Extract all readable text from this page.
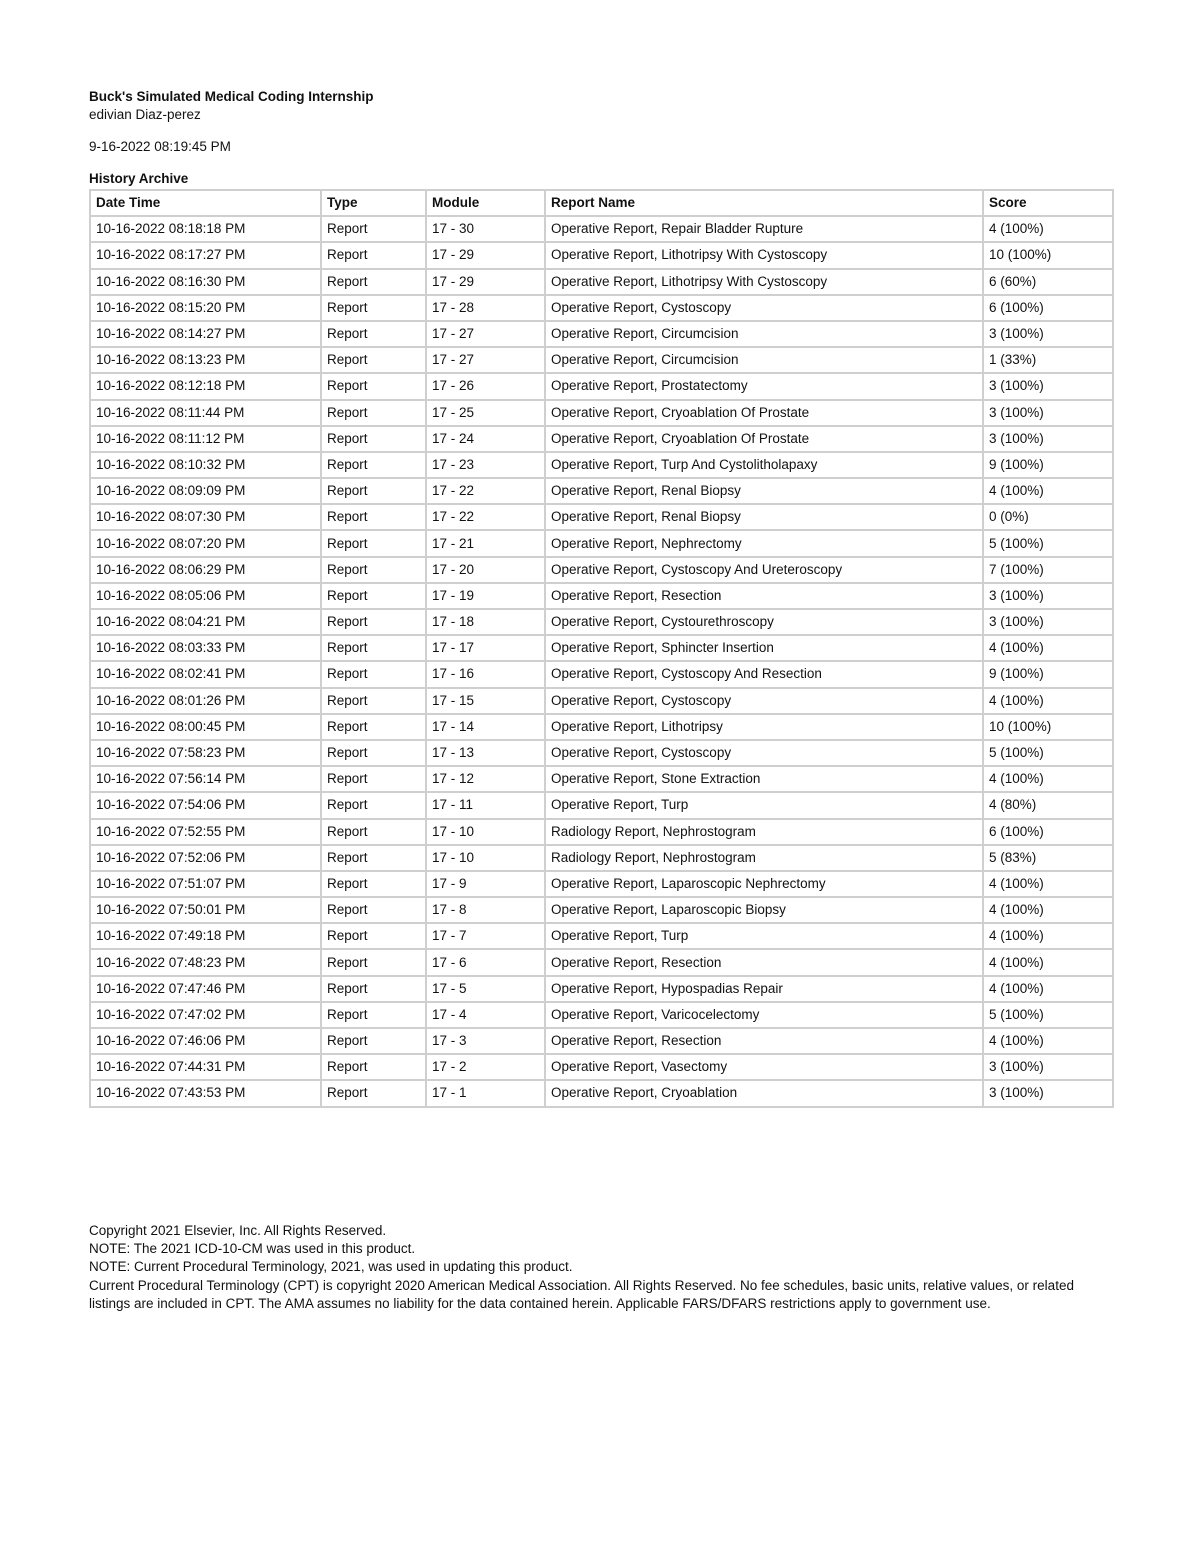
Buck's Simulated Medical Coding Internship

edivian Diaz-perez

9-16-2022 08:19:45 PM
History Archive
Date Time	Type	Module	Report Name	Score
10-16-2022 08:18:18 PM	Report	17 - 30	Operative Report, Repair Bladder Rupture	4 (100%)
10-16-2022 08:17:27 PM	Report	17 - 29	Operative Report, Lithotripsy With Cystoscopy	10 (100%)
10-16-2022 08:16:30 PM	Report	17 - 29	Operative Report, Lithotripsy With Cystoscopy	6 (60%)
10-16-2022 08:15:20 PM	Report	17 - 28	Operative Report, Cystoscopy	6 (100%)
10-16-2022 08:14:27 PM	Report	17 - 27	Operative Report, Circumcision	3 (100%)
10-16-2022 08:13:23 PM	Report	17 - 27	Operative Report, Circumcision	1 (33%)
10-16-2022 08:12:18 PM	Report	17 - 26	Operative Report, Prostatectomy	3 (100%)
10-16-2022 08:11:44 PM	Report	17 - 25	Operative Report, Cryoablation Of Prostate	3 (100%)
10-16-2022 08:11:12 PM	Report	17 - 24	Operative Report, Cryoablation Of Prostate	3 (100%)
10-16-2022 08:10:32 PM	Report	17 - 23	Operative Report, Turp And Cystolitholapaxy	9 (100%)
10-16-2022 08:09:09 PM	Report	17 - 22	Operative Report, Renal Biopsy	4 (100%)
10-16-2022 08:07:30 PM	Report	17 - 22	Operative Report, Renal Biopsy	0 (0%)
10-16-2022 08:07:20 PM	Report	17 - 21	Operative Report, Nephrectomy	5 (100%)
10-16-2022 08:06:29 PM	Report	17 - 20	Operative Report, Cystoscopy And Ureteroscopy	7 (100%)
10-16-2022 08:05:06 PM	Report	17 - 19	Operative Report, Resection	3 (100%)
10-16-2022 08:04:21 PM	Report	17 - 18	Operative Report, Cystourethroscopy	3 (100%)
10-16-2022 08:03:33 PM	Report	17 - 17	Operative Report, Sphincter Insertion	4 (100%)
10-16-2022 08:02:41 PM	Report	17 - 16	Operative Report, Cystoscopy And Resection	9 (100%)
10-16-2022 08:01:26 PM	Report	17 - 15	Operative Report, Cystoscopy	4 (100%)
10-16-2022 08:00:45 PM	Report	17 - 14	Operative Report, Lithotripsy	10 (100%)
10-16-2022 07:58:23 PM	Report	17 - 13	Operative Report, Cystoscopy	5 (100%)
10-16-2022 07:56:14 PM	Report	17 - 12	Operative Report, Stone Extraction	4 (100%)
10-16-2022 07:54:06 PM	Report	17 - 11	Operative Report, Turp	4 (80%)
10-16-2022 07:52:55 PM	Report	17 - 10	Radiology Report, Nephrostogram	6 (100%)
10-16-2022 07:52:06 PM	Report	17 - 10	Radiology Report, Nephrostogram	5 (83%)
10-16-2022 07:51:07 PM	Report	17 - 9	Operative Report, Laparoscopic Nephrectomy	4 (100%)
10-16-2022 07:50:01 PM	Report	17 - 8	Operative Report, Laparoscopic Biopsy	4 (100%)
10-16-2022 07:49:18 PM	Report	17 - 7	Operative Report, Turp	4 (100%)
10-16-2022 07:48:23 PM	Report	17 - 6	Operative Report, Resection	4 (100%)
10-16-2022 07:47:46 PM	Report	17 - 5	Operative Report, Hypospadias Repair	4 (100%)
10-16-2022 07:47:02 PM	Report	17 - 4	Operative Report, Varicocelectomy	5 (100%)
10-16-2022 07:46:06 PM	Report	17 - 3	Operative Report, Resection	4 (100%)
10-16-2022 07:44:31 PM	Report	17 - 2	Operative Report, Vasectomy	3 (100%)
10-16-2022 07:43:53 PM	Report	17 - 1	Operative Report, Cryoablation	3 (100%)

Copyright 2021 Elsevier, Inc. All Rights Reserved.

NOTE: The 2021 ICD-10-CM was used in this product.

NOTE: Current Procedural Terminology, 2021, was used in updating this product.

Current Procedural Terminology (CPT) is copyright 2020 American Medical Association. All Rights Reserved. No fee schedules, basic units, relative values, or related listings are included in CPT. The AMA assumes no liability for the data contained herein. Applicable FARS/DFARS restrictions apply to government use.
